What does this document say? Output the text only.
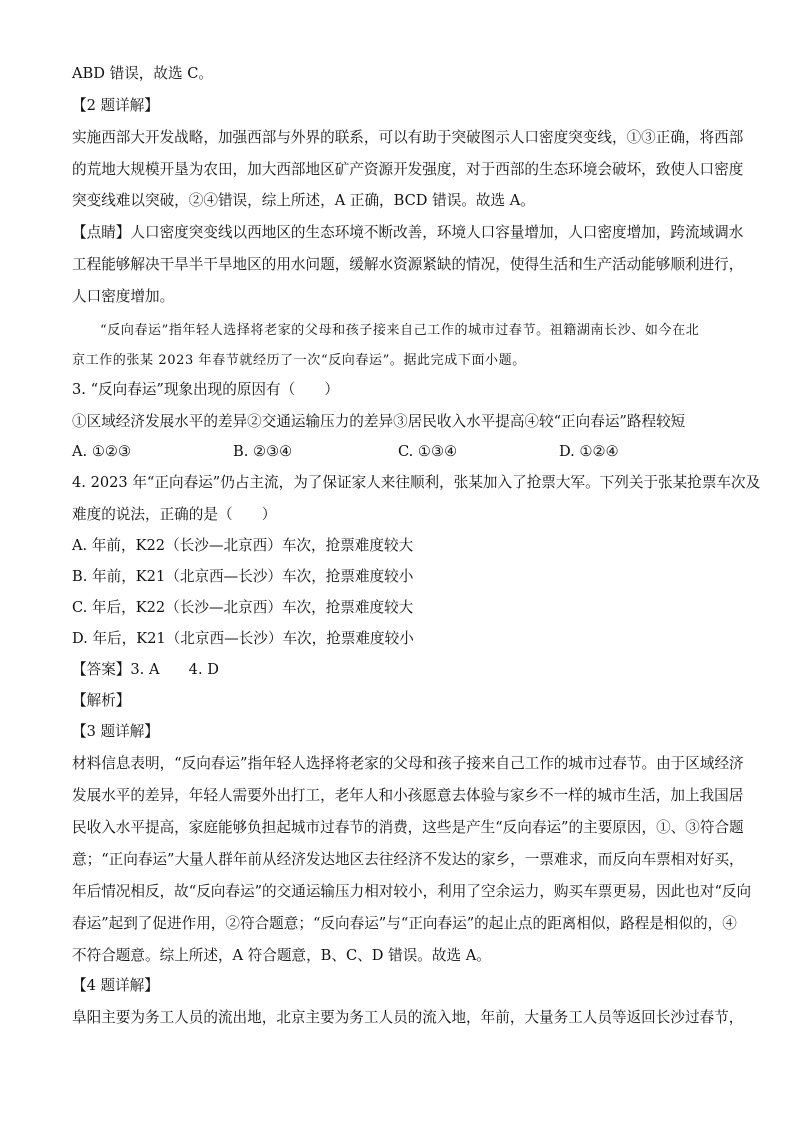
ABD 错误，故选 C。
【2 题详解】
实施西部大开发战略，加强西部与外界的联系，可以有助于突破图示人口密度突变线，①③正确，将西部
的荒地大规模开垦为农田，加大西部地区矿产资源开发强度，对于西部的生态环境会破坏，致使人口密度
突变线难以突破，②④错误，综上所述，A 正确，BCD 错误。故选 A。
【点睛】人口密度突变线以西地区的生态环境不断改善，环境人口容量增加，人口密度增加，跨流域调水
工程能够解决干旱半干旱地区的用水问题，缓解水资源紧缺的情况，使得生活和生产活动能够顺利进行，
人口密度增加。
“反向春运”指年轻人选择将老家的父母和孩子接来自己工作的城市过春节。祖籍湖南长沙、如今在北
京工作的张某 2023 年春节就经历了一次“反向春运”。据此完成下面小题。
3. “反向春运”现象出现的原因有（　　）
①区域经济发展水平的差异②交通运输压力的差异③居民收入水平提高④较“正向春运”路程较短
A. ①②③	B. ②③④	C. ①③④	D. ①②④
4. 2023 年“正向春运”仍占主流，为了保证家人来往顺利，张某加入了抢票大军。下列关于张某抢票车次及
难度的说法，正确的是（　　）
A. 年前，K22（长沙—北京西）车次，抢票难度较大
B. 年前，K21（北京西—长沙）车次，抢票难度较小
C. 年后，K22（长沙—北京西）车次，抢票难度较大
D. 年后，K21（北京西—长沙）车次，抢票难度较小
【答案】3. A　　4. D
【解析】
【3 题详解】
材料信息表明，“反向春运”指年轻人选择将老家的父母和孩子接来自己工作的城市过春节。由于区域经济
发展水平的差异，年轻人需要外出打工，老年人和小孩愿意去体验与家乡不一样的城市生活，加上我国居
民收入水平提高，家庭能够负担起城市过春节的消费，这些是产生“反向春运”的主要原因，①、③符合题
意；“正向春运”大量人群年前从经济发达地区去往经济不发达的家乡，一票难求，而反向车票相对好买，
年后情况相反，故“反向春运”的交通运输压力相对较小，利用了空余运力，购买车票更易，因此也对“反向
春运”起到了促进作用，②符合题意；“反向春运”与“正向春运”的起止点的距离相似，路程是相似的，④
不符合题意。综上所述，A 符合题意，B、C、D 错误。故选 A。
【4 题详解】
阜阳主要为务工人员的流出地，北京主要为务工人员的流入地，年前，大量务工人员等返回长沙过春节，
